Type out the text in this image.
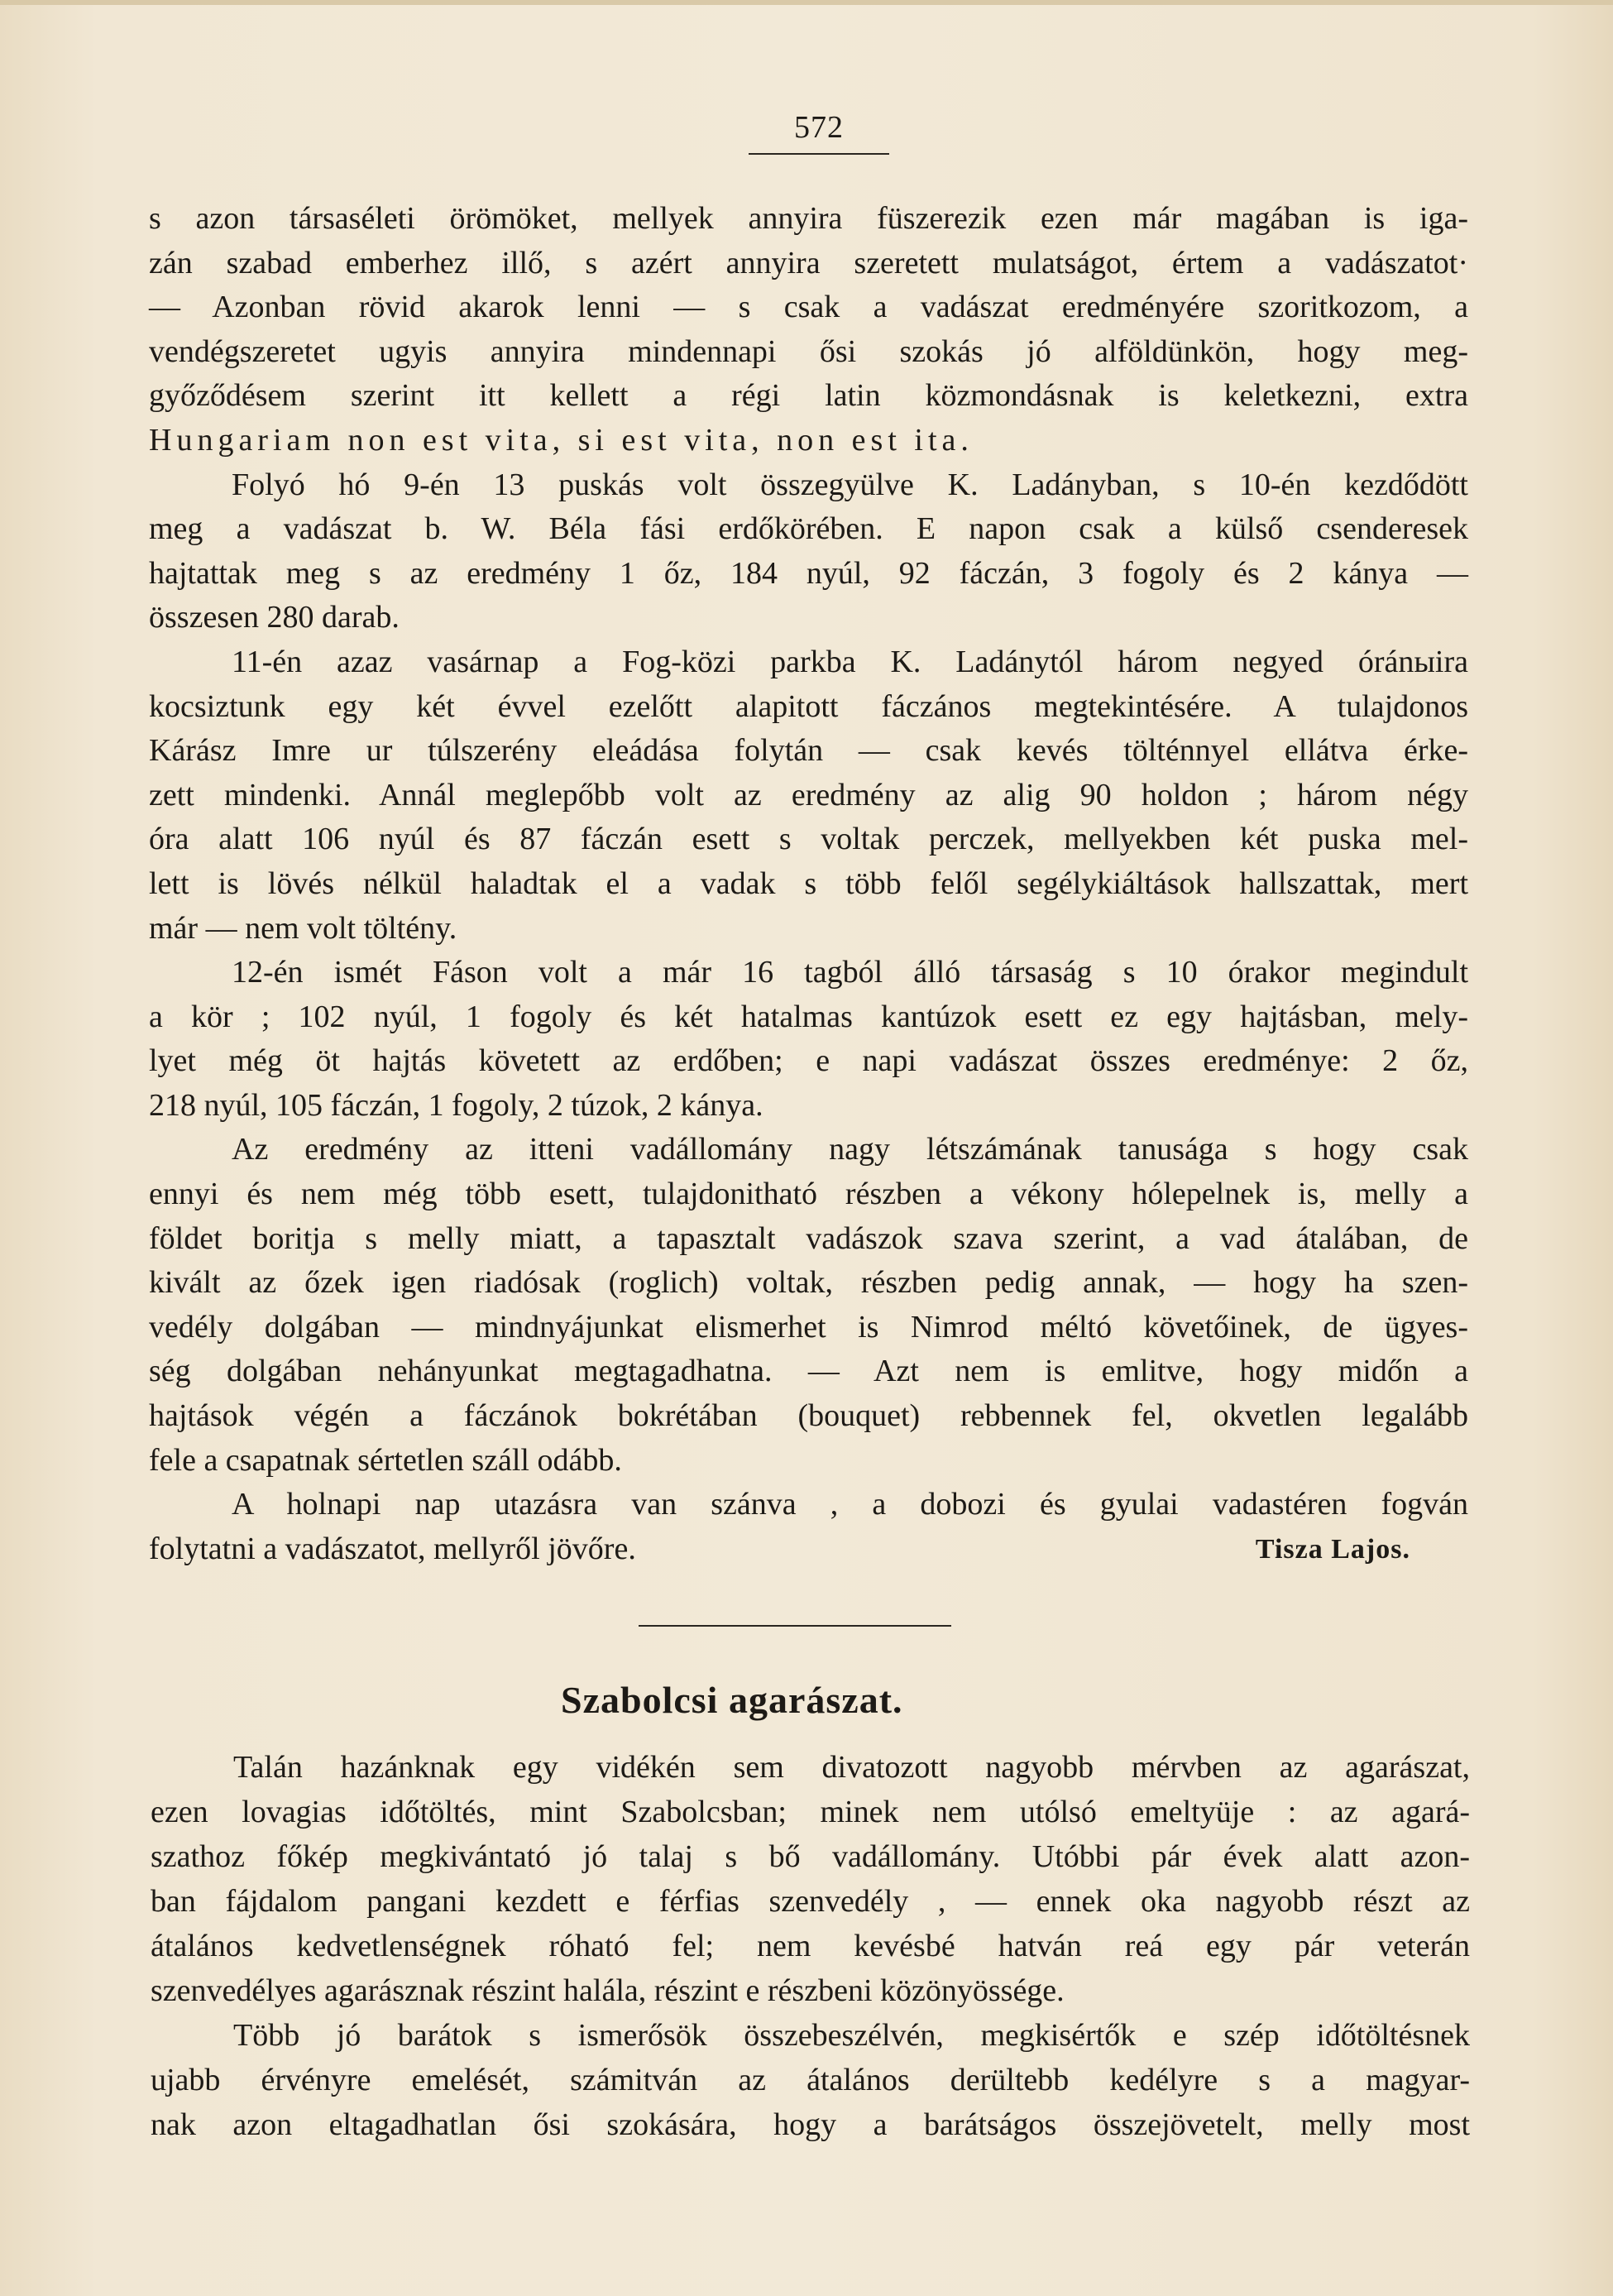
572
s azon társaséleti örömöket, mellyek annyira füszerezik ezen már magában is iga-
zán szabad emberhez illő, s azért annyira szeretett mulatságot, értem a vadászatot·
— Azonban rövid akarok lenni — s csak a vadászat eredményére szoritkozom, a
vendégszeretet ugyis annyira mindennapi ősi szokás jó alföldünkön, hogy meg-
győződésem szerint itt kellett a régi latin közmondásnak is keletkezni, extra
Hungariam non est vita, si est vita, non est ita.
Folyó hó 9-én 13 puskás volt összegyülve K. Ladányban, s 10-én kezdődött
meg a vadászat b. W. Béla fási erdőkörében. E napon csak a külső csenderesek
hajtattak meg s az eredmény 1 őz, 184 nyúl, 92 fáczán, 3 fogoly és 2 kánya —
összesen 280 darab.
11-én azaz vasárnap a Fog-közi parkba K. Ladánytól három negyed óránыira
kocsiztunk egy két évvel ezelőtt alapitott fáczános megtekintésére. A tulajdonos
Kárász Imre ur túlszerény eleádása folytán — csak kevés tölténnyel ellátva érke-
zett mindenki. Annál meglepőbb volt az eredmény az alig 90 holdon ; három négy
óra alatt 106 nyúl és 87 fáczán esett s voltak perczek, mellyekben két puska mel-
lett is lövés nélkül haladtak el a vadak s több felől segélykiáltások hallszattak, mert
már — nem volt töltény.
12-én ismét Fáson volt a már 16 tagból álló társaság s 10 órakor megindult
a kör ; 102 nyúl, 1 fogoly és két hatalmas kantúzok esett ez egy hajtásban, mely-
lyet még öt hajtás követett az erdőben; e napi vadászat összes eredménye: 2 őz,
218 nyúl, 105 fáczán, 1 fogoly, 2 túzok, 2 kánya.
Az eredmény az itteni vadállomány nagy létszámának tanusága s hogy csak
ennyi és nem még több esett, tulajdonitható részben a vékony hólepelnek is, melly a
földet boritja s melly miatt, a tapasztalt vadászok szava szerint, a vad átalában, de
kivált az őzek igen riadósak (roglich) voltak, részben pedig annak, — hogy ha szen-
vedély dolgában — mindnyájunkat elismerhet is Nimrod méltó követőinek, de ügyes-
ség dolgában nehányunkat megtagadhatna. — Azt nem is emlitve, hogy midőn a
hajtások végén a fáczánok bokrétában (bouquet) rebbennek fel, okvetlen legalább
fele a csapatnak sértetlen száll odább.
A holnapi nap utazásra van szánva , a dobozi és gyulai vadastéren fogván
folytatni a vadászatot, mellyről jövőre.	Tisza Lajos.
Szabolcsi agarászat.
Talán hazánknak egy vidékén sem divatozott nagyobb mérvben az agarászat,
ezen lovagias időtöltés, mint Szabolcsban; minek nem utólsó emeltyüje : az agará-
szathoz főkép megkivántató jó talaj s bő vadállomány. Utóbbi pár évek alatt azon-
ban fájdalom pangani kezdett e férfias szenvedély , — ennek oka nagyobb részt az
átalános kedvetlenségnek róható fel; nem kevésbé hatván reá egy pár veterán
szenvedélyes agarásznak részint halála, részint e részbeni közönyössége.
Több jó barátok s ismerősök összebeszélvén, megkisértők e szép időtöltésnek
ujabb érvényre emelését, számitván az átalános derültebb kedélyre s a magyar-
nak azon eltagadhatlan ősi szokására, hogy a barátságos összejövetelt, melly most
